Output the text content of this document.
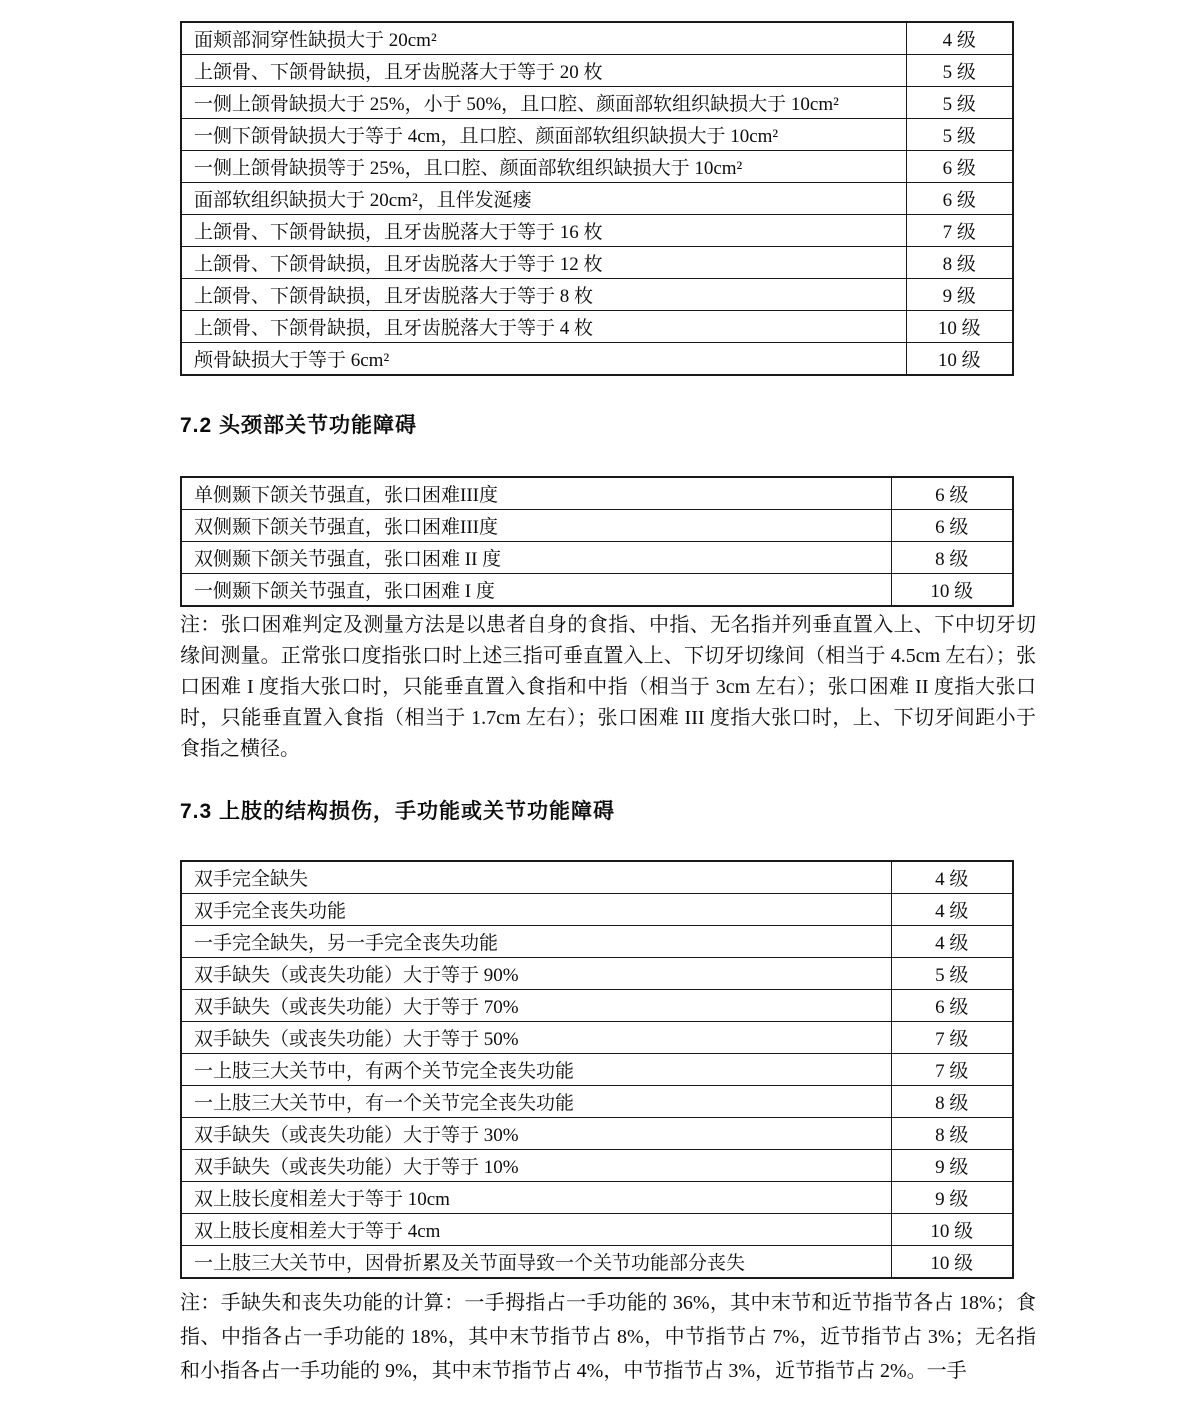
面颊部洞穿性缺损大于 20cm²	4 级
上颌骨、下颌骨缺损，且牙齿脱落大于等于 20 枚	5 级
一侧上颌骨缺损大于 25%，小于 50%，且口腔、颜面部软组织缺损大于 10cm²	5 级
一侧下颌骨缺损大于等于 4cm，且口腔、颜面部软组织缺损大于 10cm²	5 级
一侧上颌骨缺损等于 25%，且口腔、颜面部软组织缺损大于 10cm²	6 级
面部软组织缺损大于 20cm²，且伴发涎瘘	6 级
上颌骨、下颌骨缺损，且牙齿脱落大于等于 16 枚	7 级
上颌骨、下颌骨缺损，且牙齿脱落大于等于 12 枚	8 级
上颌骨、下颌骨缺损，且牙齿脱落大于等于 8 枚	9 级
上颌骨、下颌骨缺损，且牙齿脱落大于等于 4 枚	10 级
颅骨缺损大于等于 6cm²	10 级
7.2 头颈部关节功能障碍
单侧颞下颌关节强直，张口困难III度	6 级
双侧颞下颌关节强直，张口困难III度	6 级
双侧颞下颌关节强直，张口困难 II 度	8 级
一侧颞下颌关节强直，张口困难 I 度	10 级

注：张口困难判定及测量方法是以患者自身的食指、中指、无名指并列垂直置入上、下中切牙切缘间测量。正常张口度指张口时上述三指可垂直置入上、下切牙切缘间（相当于 4.5cm 左右）；张口困难 I 度指大张口时，只能垂直置入食指和中指（相当于 3cm 左右）；张口困难 II 度指大张口时，只能垂直置入食指（相当于 1.7cm 左右）；张口困难 III 度指大张口时，上、下切牙间距小于食指之横径。

7.3 上肢的结构损伤，手功能或关节功能障碍
双手完全缺失	4 级
双手完全丧失功能	4 级
一手完全缺失，另一手完全丧失功能	4 级
双手缺失（或丧失功能）大于等于 90%	5 级
双手缺失（或丧失功能）大于等于 70%	6 级
双手缺失（或丧失功能）大于等于 50%	7 级
一上肢三大关节中，有两个关节完全丧失功能	7 级
一上肢三大关节中，有一个关节完全丧失功能	8 级
双手缺失（或丧失功能）大于等于 30%	8 级
双手缺失（或丧失功能）大于等于 10%	9 级
双上肢长度相差大于等于 10cm	9 级
双上肢长度相差大于等于 4cm	10 级
一上肢三大关节中，因骨折累及关节面导致一个关节功能部分丧失	10 级

注：手缺失和丧失功能的计算：一手拇指占一手功能的 36%，其中末节和近节指节各占 18%；食指、中指各占一手功能的 18%，其中末节指节占 8%，中节指节占 7%，近节指节占 3%；无名指和小指各占一手功能的 9%，其中末节指节占 4%，中节指节占 3%，近节指节占 2%。一手
